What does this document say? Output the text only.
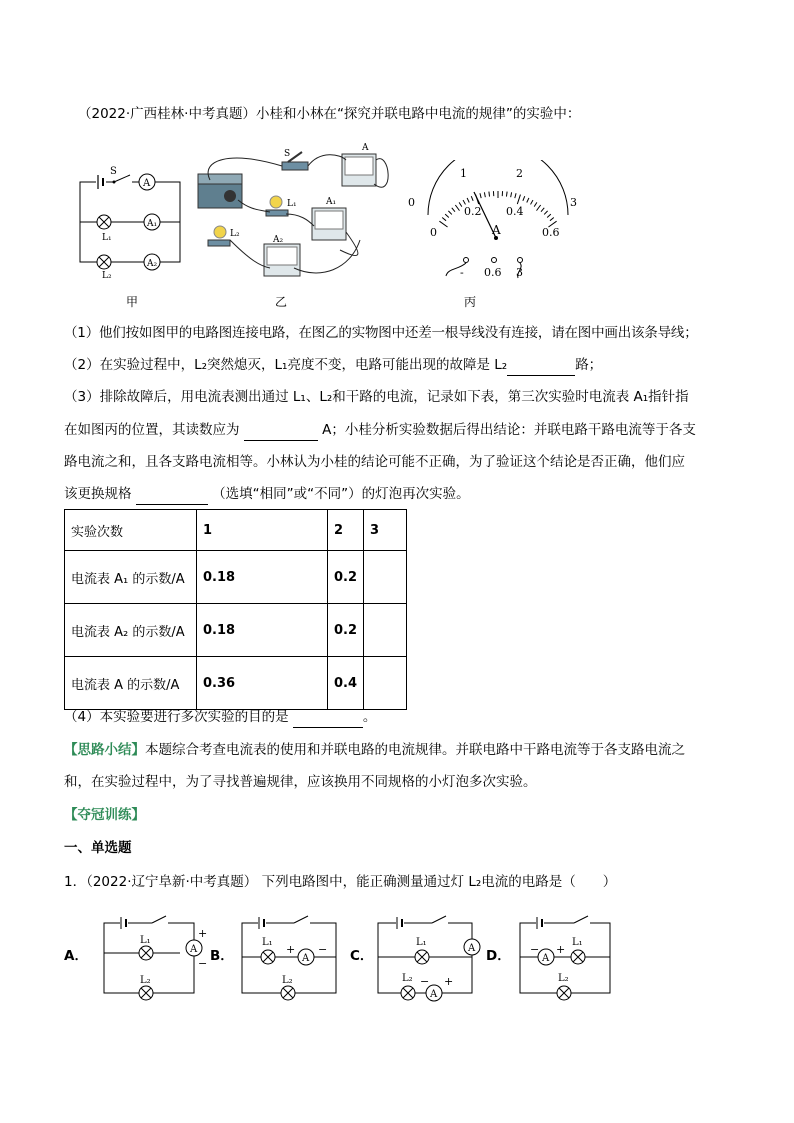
（2022·广西桂林·中考真题）小桂和小林在“探究并联电路中电流的规律”的实验中：
S
A
L₁
A₁
L₂
A₂
S
A
L₁	A₁
L₂
A₂
0
1	2
3
0
0.2 0.4
0.6
A
- 0.6 3
甲	乙	丙
（1）他们按如图甲的电路图连接电路，在图乙的实物图中还差一根导线没有连接，请在图中画出该条导线；
（2）在实验过程中，L₂突然熄灭，L₁亮度不变，电路可能出现的故障是 L₂	路；
（3）排除故障后，用电流表测出通过 L₁、L₂和干路的电流，记录如下表，第三次实验时电流表 A₁指针指
在如图丙的位置，其读数应为	A；小桂分析实验数据后得出结论：并联电路干路电流等于各支
路电流之和，且各支路电流相等。小林认为小桂的结论可能不正确，为了验证这个结论是否正确，他们应
该更换规格	（选填“相同”或“不同”）的灯泡再次实验。
实验次数	1	2	3
电流表 A₁ 的示数/A	0.18	0.2	
电流表 A₂ 的示数/A	0.18	0.2	
电流表 A 的示数/A	0.36	0.4	
（4）本实验要进行多次实验的目的是	。
【思路小结】本题综合考查电流表的使用和并联电路的电流规律。并联电路中干路电流等于各支路电流之
和，在实验过程中，为了寻找普遍规律，应该换用不同规格的小灯泡多次实验。
【夺冠训练】
一、单选题
1．（2022·辽宁阜新·中考真题） 下列电路图中，能正确测量通过灯 L₂电流的电路是（　　）
A．
L₁
L₂
A
+
− B．
L₁
A
+ −
L₂
C．
L₁
A
L₂
A
− +
D．	A
− +
L₁
L₂
